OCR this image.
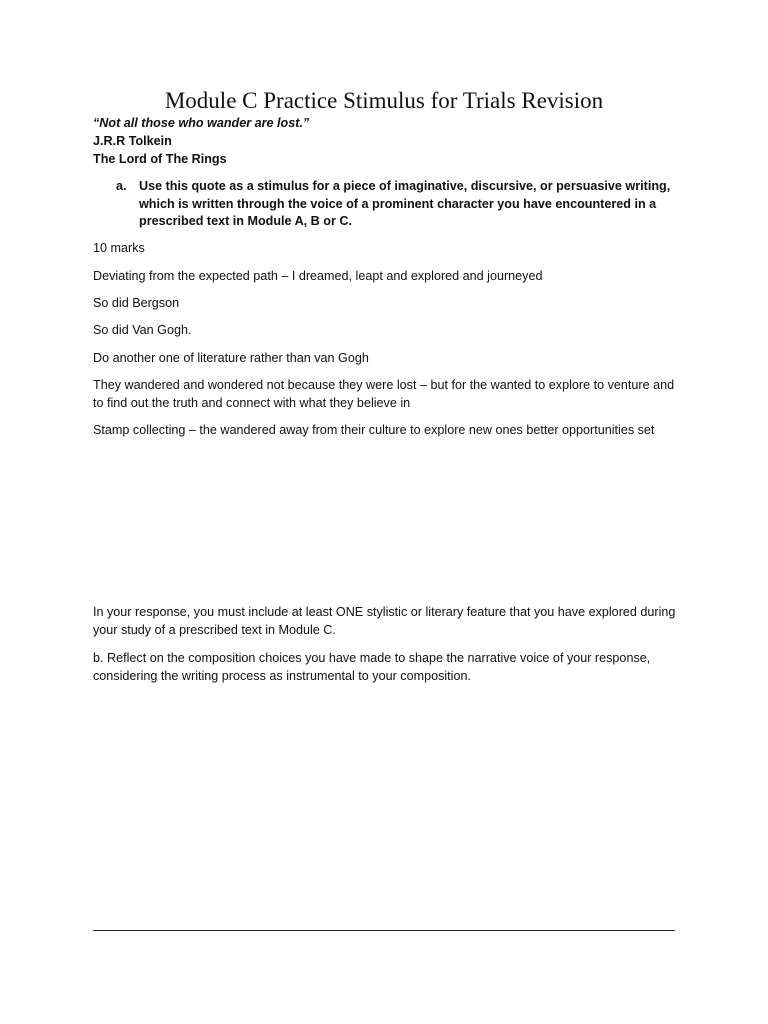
Module C Practice Stimulus for Trials Revision
“Not all those who wander are lost.”
J.R.R Tolkein
The Lord of The Rings
a. Use this quote as a stimulus for a piece of imaginative, discursive, or persuasive writing, which is written through the voice of a prominent character you have encountered in a prescribed text in Module A, B or C.
10 marks
Deviating from the expected path – I dreamed, leapt and explored and journeyed
So did Bergson
So did Van Gogh.
Do another one of literature rather than van Gogh
They wandered and wondered not because they were lost – but for the wanted to explore to venture and to find out the truth and connect with what they believe in
Stamp collecting – the wandered away from their culture to explore new ones better opportunities set
In your response, you must include at least ONE stylistic or literary feature that you have explored during your study of a prescribed text in Module C.
b. Reflect on the composition choices you have made to shape the narrative voice of your response, considering the writing process as instrumental to your composition.
